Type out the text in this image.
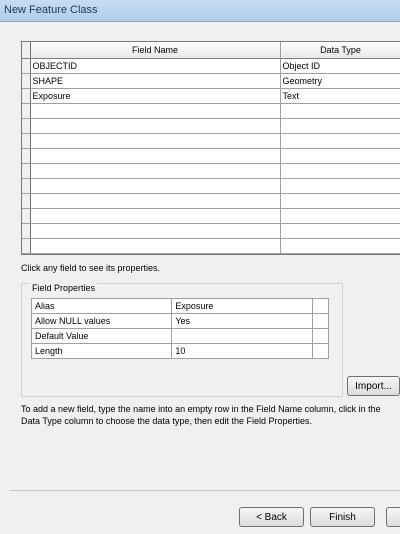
New Feature Class
	Field Name	Data Type
	OBJECTID	Object ID
	SHAPE	Geometry
	Exposure	Text

Click any field to see its properties.
Field Properties
Alias	Exposure	
Allow NULL values	Yes	
Default Value		
Length	10	
Import...
To add a new field, type the name into an empty row in the Field Name column, click in the Data Type column to choose the data type, then edit the Field Properties.
< Back	Finish
